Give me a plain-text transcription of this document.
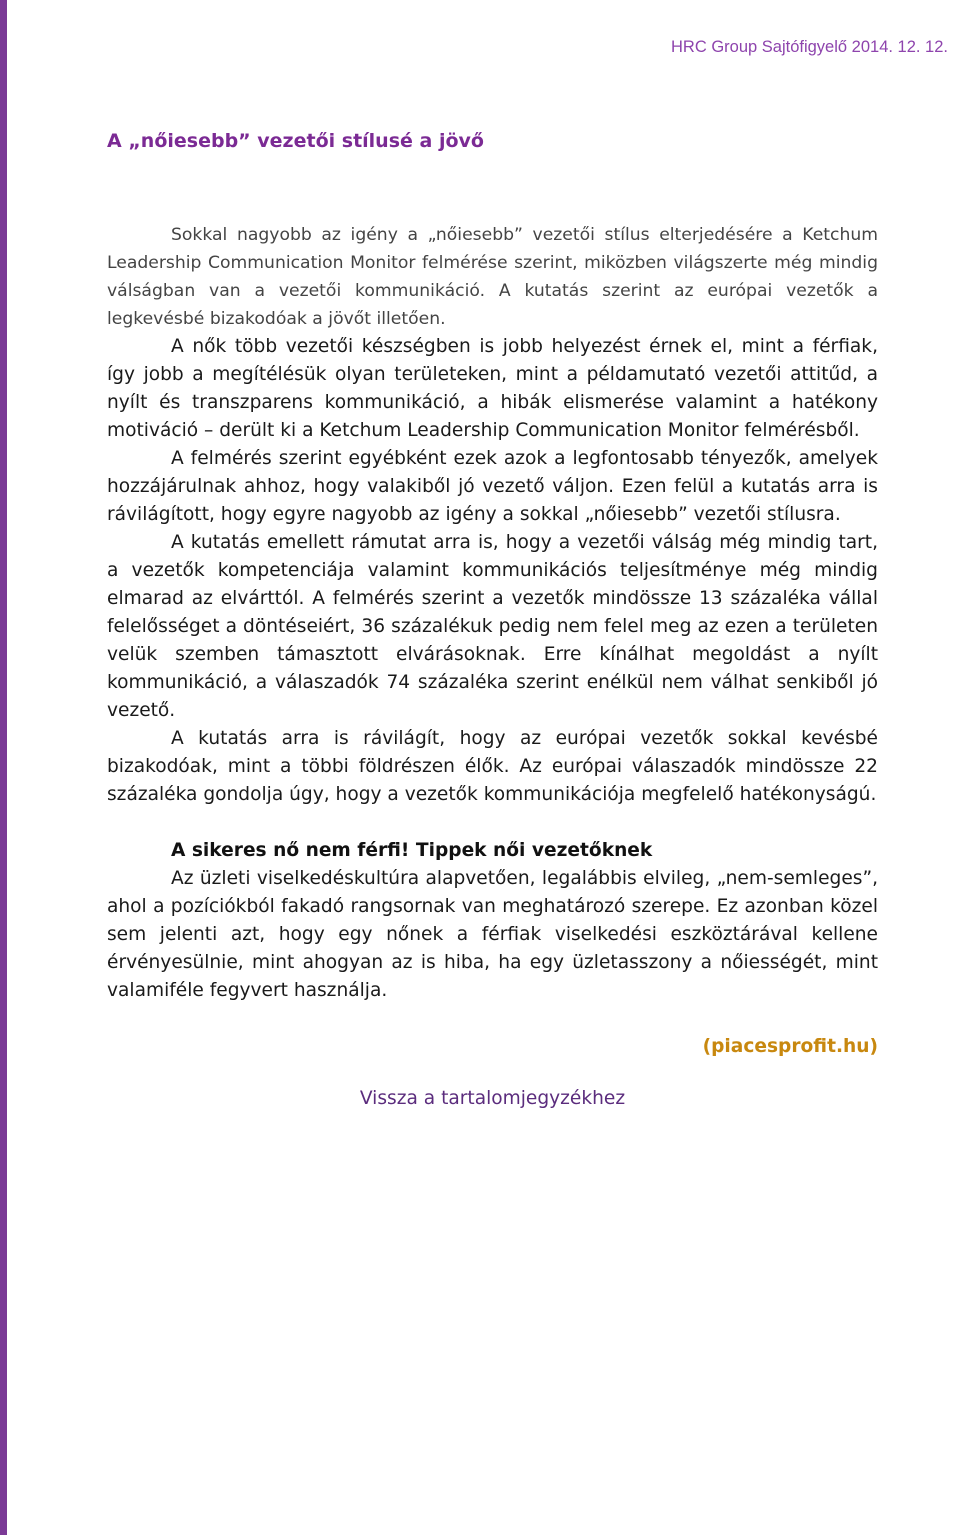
HRC Group Sajtófigyelő 2014. 12. 12.
A „nőiesebb” vezetői stílusé a jövő

Sokkal nagyobb az igény a „nőiesebb” vezetői stílus elterjedésére a Ketchum Leadership Communication Monitor felmérése szerint, miközben világszerte még mindig válságban van a vezetői kommunikáció. A kutatás szerint az európai vezetők a legkevésbé bizakodóak a jövőt illetően.

A nők több vezetői készségben is jobb helyezést érnek el, mint a férfiak, így jobb a megítélésük olyan területeken, mint a példamutató vezetői attitűd, a nyílt és transzparens kommunikáció, a hibák elismerése valamint a hatékony motiváció – derült ki a Ketchum Leadership Communication Monitor felmérésből.

A felmérés szerint egyébként ezek azok a legfontosabb tényezők, amelyek hozzájárulnak ahhoz, hogy valakiből jó vezető váljon. Ezen felül a kutatás arra is rávilágított, hogy egyre nagyobb az igény a sokkal „nőiesebb” vezetői stílusra.

A kutatás emellett rámutat arra is, hogy a vezetői válság még mindig tart, a vezetők kompetenciája valamint kommunikációs teljesítménye még mindig elmarad az elvárttól. A felmérés szerint a vezetők mindössze 13 százaléka vállal felelősséget a döntéseiért, 36 százalékuk pedig nem felel meg az ezen a területen velük szemben támasztott elvárásoknak. Erre kínálhat megoldást a nyílt kommunikáció, a válaszadók 74 százaléka szerint enélkül nem válhat senkiből jó vezető.

A kutatás arra is rávilágít, hogy az európai vezetők sokkal kevésbé bizakodóak, mint a többi földrészen élők. Az európai válaszadók mindössze 22 százaléka gondolja úgy, hogy a vezetők kommunikációja megfelelő hatékonyságú.

A sikeres nő nem férfi! Tippek női vezetőknek

Az üzleti viselkedéskultúra alapvetően, legalábbis elvileg, „nem-semleges”, ahol a pozíciókból fakadó rangsornak van meghatározó szerepe. Ez azonban közel sem jelenti azt, hogy egy nőnek a férfiak viselkedési eszköztárával kellene érvényesülnie, mint ahogyan az is hiba, ha egy üzletasszony a nőiességét, mint valamiféle fegyvert használja.

(piacesprofit.hu)
Vissza a tartalomjegyzékhez
